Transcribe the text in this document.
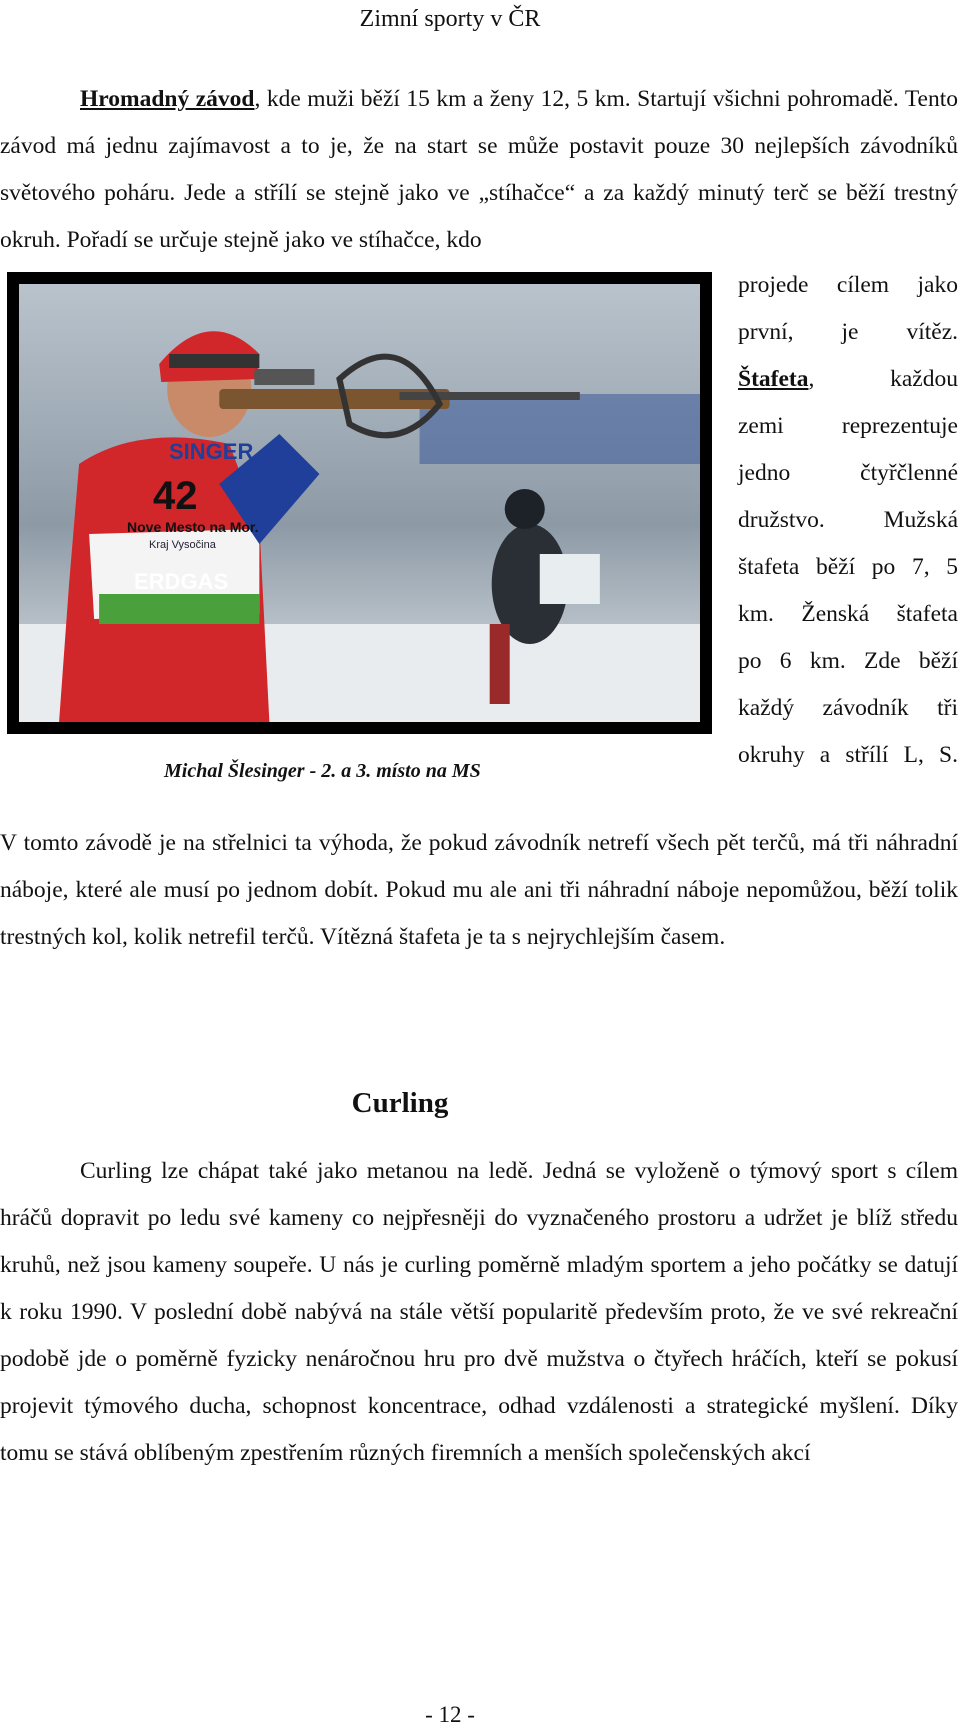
Zimní sporty v ČR
Hromadný závod, kde muži běží 15 km a ženy 12, 5 km. Startují všichni pohromadě. Tento závod má jednu zajímavost a to je, že na start se může postavit pouze 30 nejlepších závodníků světového poháru. Jede a střílí se stejně jako ve „stíhačce“ a za každý minutý terč se běží trestný okruh. Pořadí se určuje stejně jako ve stíhačce, kdo
42
Nove Mesto na Mor.
Kraj Vysočina
SINGER
ERDGAS
Michal Šlesinger - 2. a 3. místo na MS
projede cílem jako
první, je vítěz.
Štafeta,	každou
zemi reprezentuje
jedno	čtyřčlenné
družstvo.	Mužská
štafeta běží po 7, 5
km. Ženská štafeta
po 6 km. Zde běží
každý závodník tři
okruhy a střílí L, S.
V tomto závodě je na střelnici ta výhoda, že pokud závodník netrefí všech pět terčů, má tři náhradní náboje, které ale musí po jednom dobít. Pokud mu ale ani tři náhradní náboje nepomůžou, běží tolik trestných kol, kolik netrefil terčů. Vítězná štafeta je ta s nejrychlejším časem.
Curling
Curling lze chápat také jako metanou na ledě. Jedná se vyloženě o týmový sport s cílem hráčů dopravit po ledu své kameny co nejpřesněji do vyznačeného prostoru a udržet je blíž středu kruhů, než jsou kameny soupeře. U nás je curling poměrně mladým sportem a jeho počátky se datují k roku 1990. V poslední době nabývá na stále větší popularitě především proto, že ve své rekreační podobě jde o poměrně fyzicky nenáročnou hru pro dvě mužstva o čtyřech hráčích, kteří se pokusí projevit týmového ducha, schopnost koncentrace, odhad vzdálenosti a strategické myšlení. Díky tomu se stává oblíbeným zpestřením různých firemních a menších společenských akcí
- 12 -
